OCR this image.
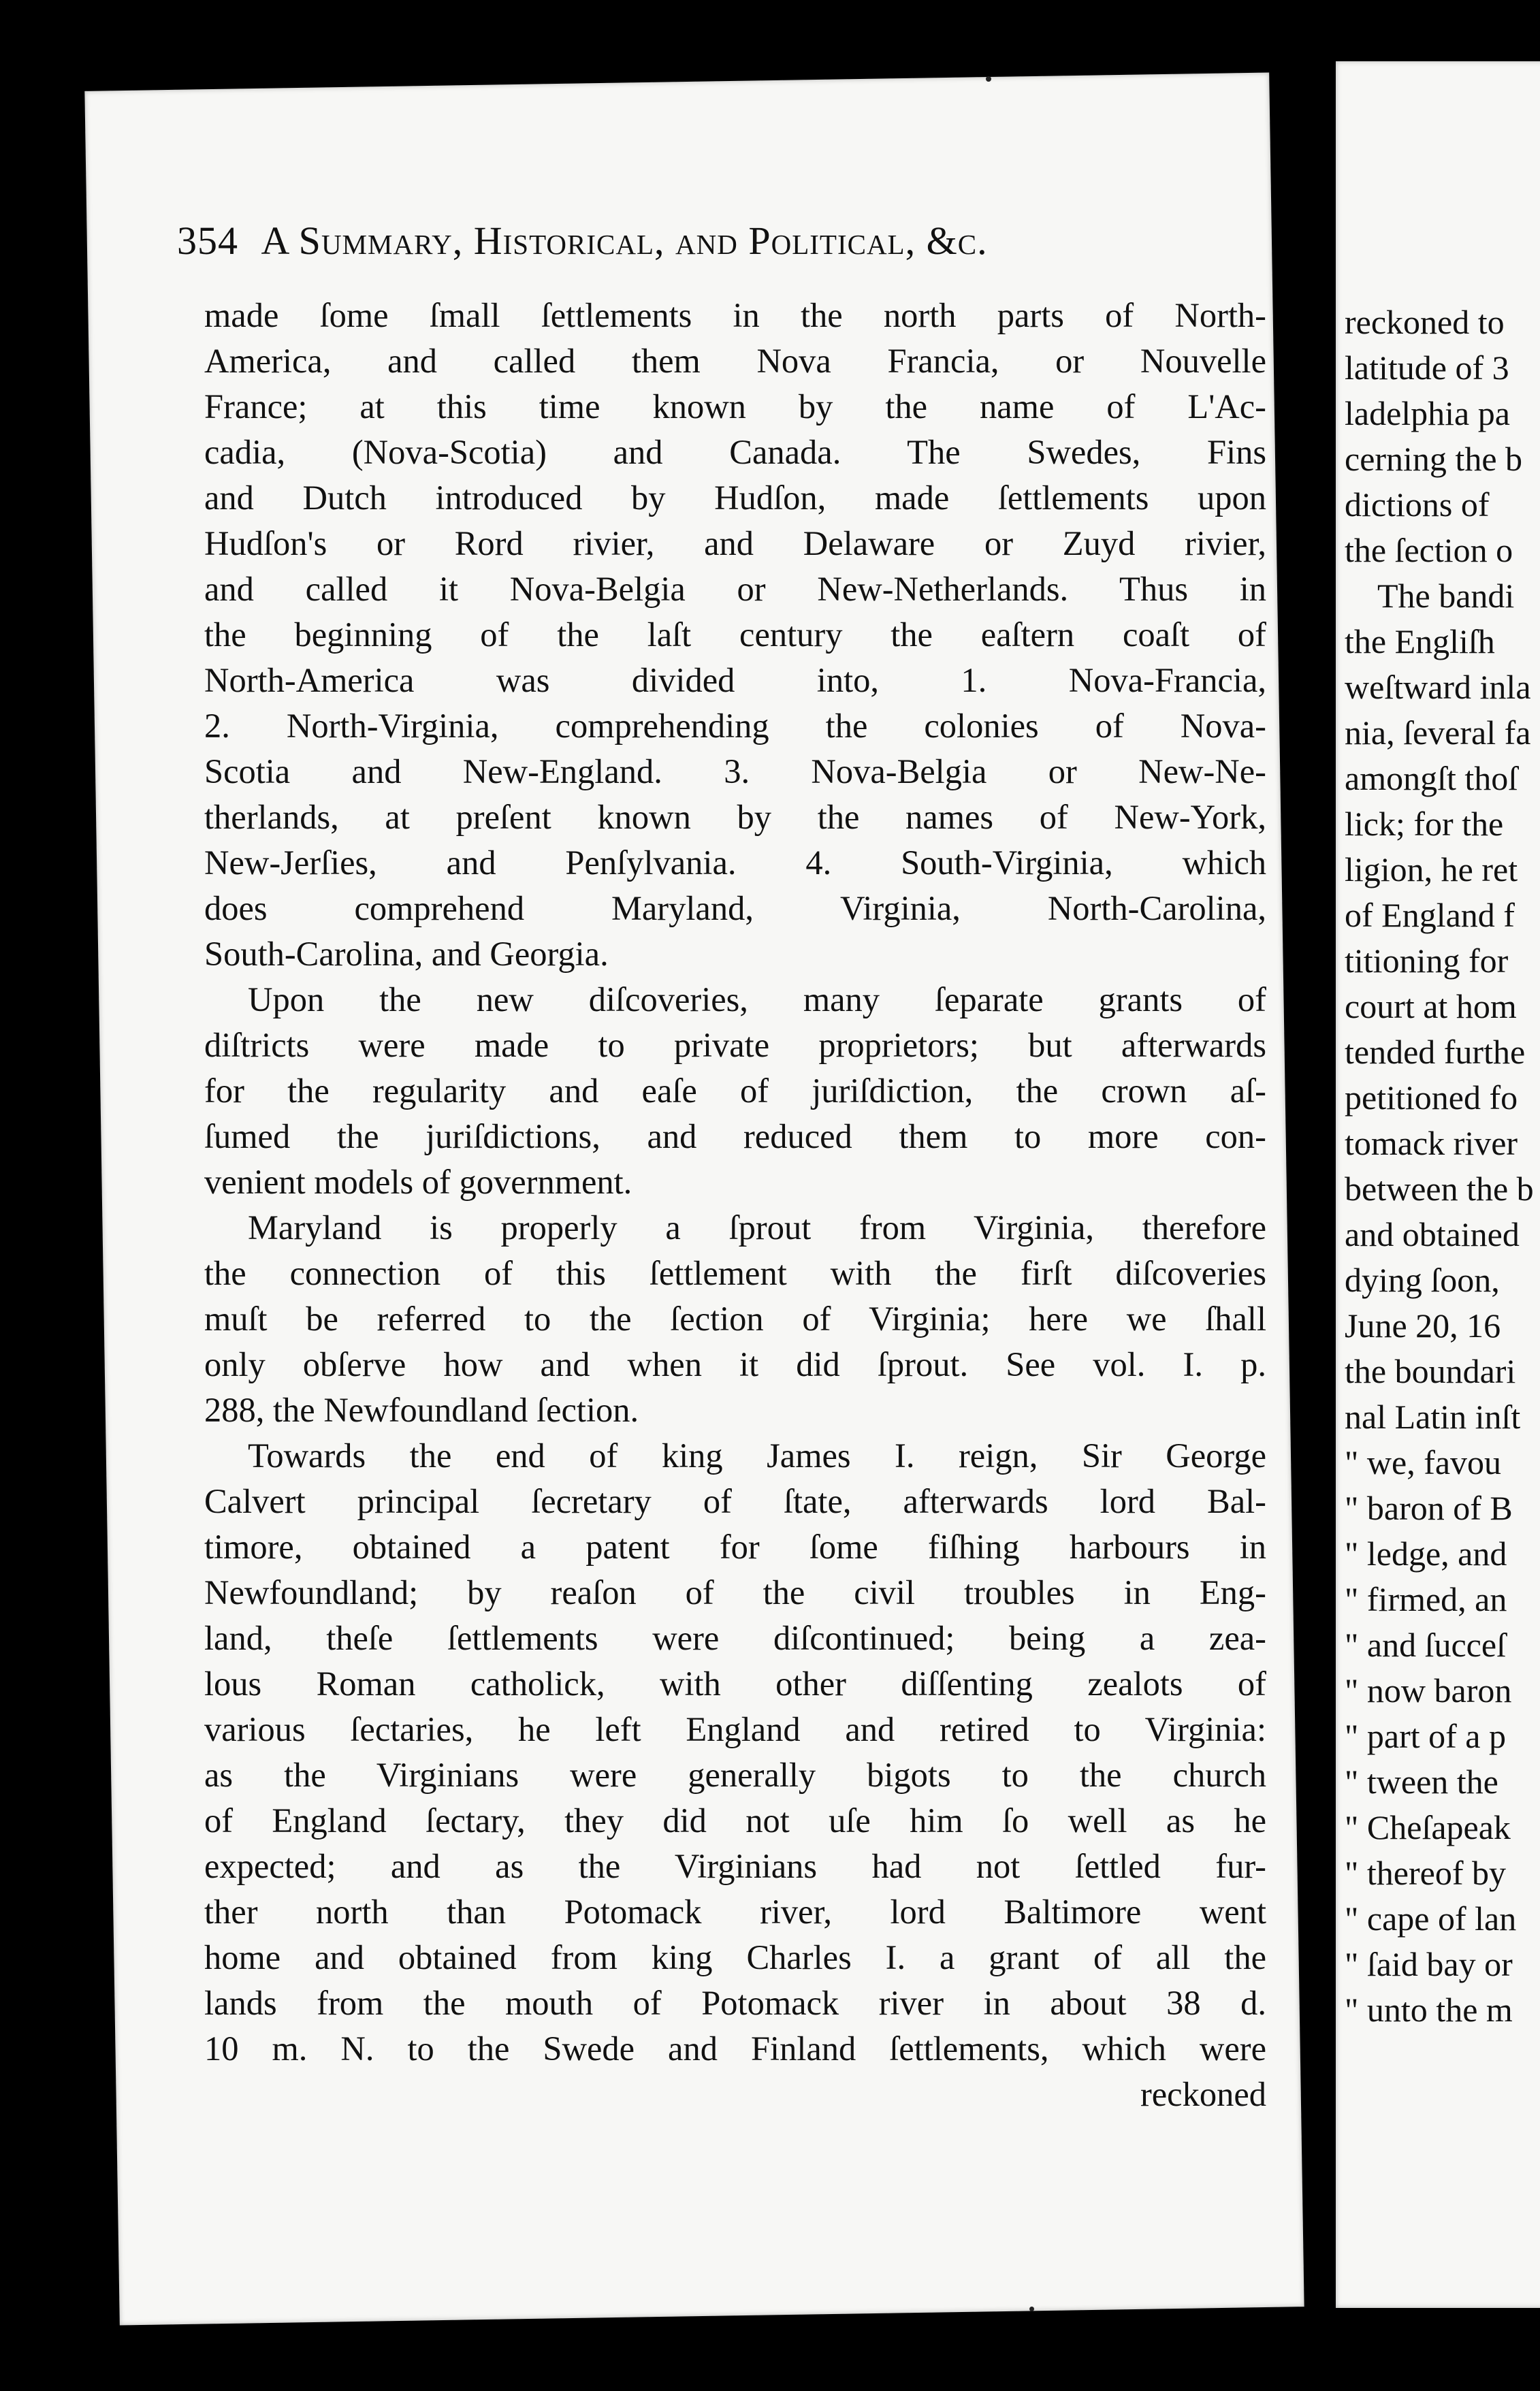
354 A Summary, Historical, and Political, &c.
made ſome ſmall ſettlements in the north parts of North-
America, and called them Nova Francia, or Nouvelle
France; at this time known by the name of L'Ac-
cadia, (Nova-Scotia) and Canada. The Swedes, Fins
and Dutch introduced by Hudſon, made ſettlements upon
Hudſon's or Rord rivier, and Delaware or Zuyd rivier,
and called it Nova-Belgia or New-Netherlands. Thus in
the beginning of the laſt century the eaſtern coaſt of
North-America was divided into, 1. Nova-Francia,
2. North-Virginia, comprehending the colonies of Nova-
Scotia and New-England. 3. Nova-Belgia or New-Ne-
therlands, at preſent known by the names of New-York,
New-Jerſies, and Penſylvania. 4. South-Virginia, which
does comprehend Maryland, Virginia, North-Carolina,
South-Carolina, and Georgia.
Upon the new diſcoveries, many ſeparate grants of
diſtricts were made to private proprietors; but afterwards
for the regularity and eaſe of juriſdiction, the crown aſ-
ſumed the juriſdictions, and reduced them to more con-
venient models of government.
Maryland is properly a ſprout from Virginia, therefore
the connection of this ſettlement with the firſt diſcoveries
muſt be referred to the ſection of Virginia; here we ſhall
only obſerve how and when it did ſprout. See vol. I. p.
288, the Newfoundland ſection.
Towards the end of king James I. reign, Sir George
Calvert principal ſecretary of ſtate, afterwards lord Bal-
timore, obtained a patent for ſome fiſhing harbours in
Newfoundland; by reaſon of the civil troubles in Eng-
land, theſe ſettlements were diſcontinued; being a zea-
lous Roman catholick, with other diſſenting zealots of
various ſectaries, he left England and retired to Virginia:
as the Virginians were generally bigots to the church
of England ſectary, they did not uſe him ſo well as he
expected; and as the Virginians had not ſettled fur-
ther north than Potomack river, lord Baltimore went
home and obtained from king Charles I. a grant of all the
lands from the mouth of Potomack river in about 38 d.
10 m. N. to the Swede and Finland ſettlements, which were
reckoned
reckoned to
latitude of 3
ladelphia pa
cerning the b
dictions of
the ſection o
The bandi
the Engliſh
weſtward inla
nia, ſeveral fa
amongſt thoſ
lick; for the
ligion, he ret
of England f
titioning for
court at hom
tended furthe
petitioned fo
tomack river
between the b
and obtained
dying ſoon,
June 20, 16
the boundari
nal Latin inſt
" we, favou
" baron of B
" ledge, and
" firmed, an
" and ſucceſ
" now baron
" part of a p
" tween the
" Cheſapeak
" thereof by
" cape of lan
" ſaid bay or
" unto the m
